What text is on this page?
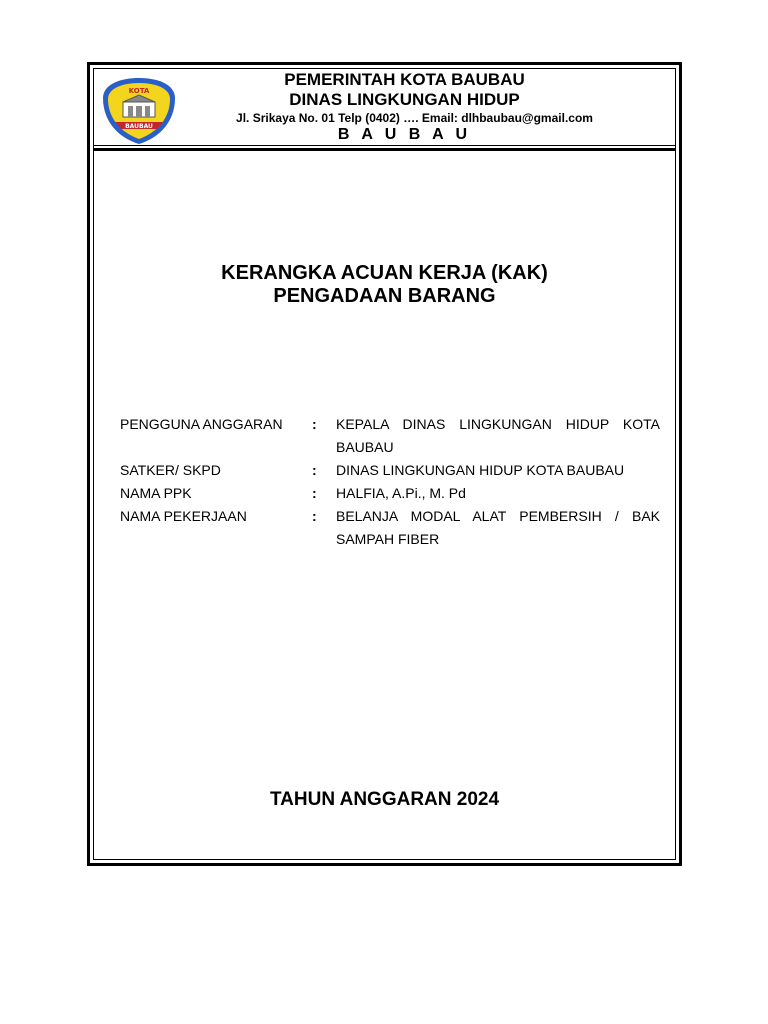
KOTA
BAUBAU
PEMERINTAH KOTA BAUBAU
DINAS LINGKUNGAN HIDUP
Jl. Srikaya No. 01 Telp (0402) …. Email: dlhbaubau@gmail.com
B A U B A U
KERANGKA ACUAN KERJA (KAK)
PENGADAAN BARANG
PENGGUNA ANGGARAN	:	KEPALA DINAS LINGKUNGAN HIDUP KOTA BAUBAU
SATKER/ SKPD	:	DINAS LINGKUNGAN HIDUP KOTA BAUBAU
NAMA PPK	:	HALFIA, A.Pi., M. Pd
NAMA PEKERJAAN	:	BELANJA MODAL ALAT PEMBERSIH / BAK SAMPAH FIBER
TAHUN ANGGARAN 2024
